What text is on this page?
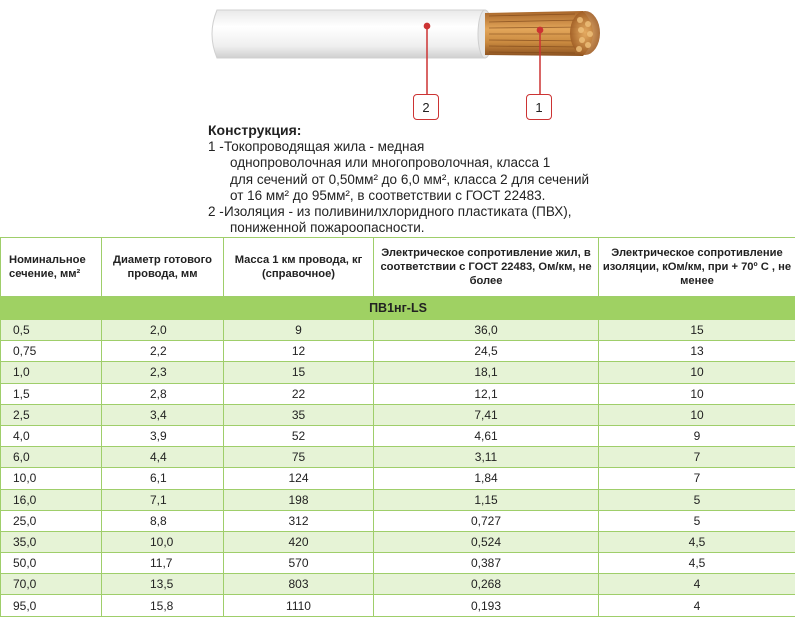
2	1
Конструкция:
1 - Токопроводящая жила - медная
однопроволочная или многопроволочная, класса 1
для сечений от 0,50мм² до 6,0 мм², класса 2 для сечений
от 16 мм² до 95мм², в соответствии с ГОСТ 22483.
2 - Изоляция - из поливинилхлоридного пластиката (ПВХ),
пониженной пожароопасности.
Номинальное сечение, мм²	Диаметр готового провода, мм	Масса 1 км провода, кг (справочное)	Электрическое сопротивление жил, в соответствии с ГОСТ 22483, Ом/км, не более	Электрическое сопротивление изоляции, кОм/км, при + 70º С , не менее
ПВ1нг-LS				
0,5	2,0	9	36,0	15
0,75	2,2	12	24,5	13
1,0	2,3	15	18,1	10
1,5	2,8	22	12,1	10
2,5	3,4	35	7,41	10
4,0	3,9	52	4,61	9
6,0	4,4	75	3,11	7
10,0	6,1	124	1,84	7
16,0	7,1	198	1,15	5
25,0	8,8	312	0,727	5
35,0	10,0	420	0,524	4,5
50,0	11,7	570	0,387	4,5
70,0	13,5	803	0,268	4
95,0	15,8	1110	0,193	4
